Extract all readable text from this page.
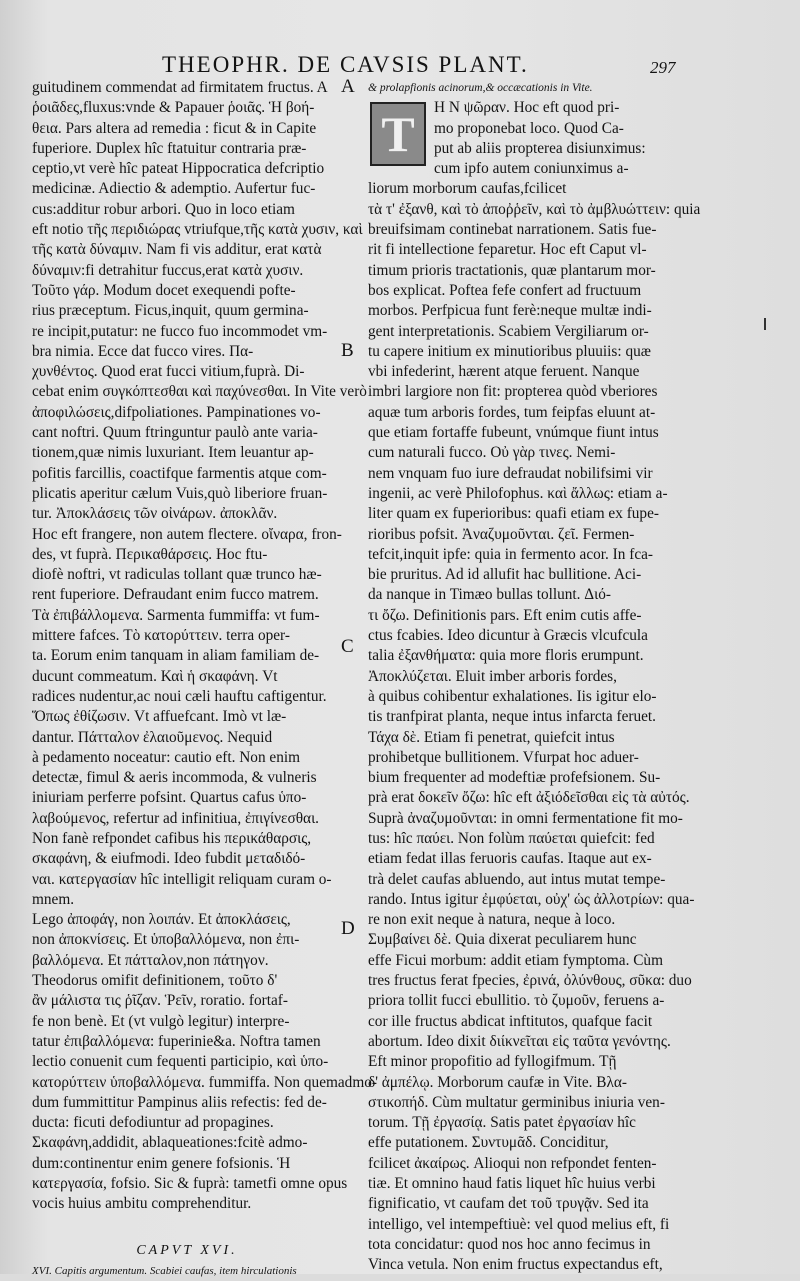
THEOPHR. DE CAVSIS PLANT.	297
A
B
C
D
guitudinem commendat ad firmitatem fructus. A
ῥοιᾶδες,fluxus:vnde & Papauer ῥοιᾶς. Ἡ βοή-
θεια. Pars altera ad remedia : ficut & in Capite
fuperiore. Duplex hîc ftatuitur contraria præ-
ceptio,vt verè hîc pateat Hippocratica defcriptio
medicinæ. Adiectio & ademptio. Aufertur fuc-
cus:additur robur arbori. Quo in loco etiam
eft notio τῆς περιδιώρας vtriufque,τῆς κατὰ χυσιν, καὶ
τῆς κατὰ δύναμιν. Nam fi vis additur, erat κατὰ
δύναμιν:fi detrahitur fuccus,erat κατὰ χυσιν.
Τοῦτο γάρ. Modum docet exequendi pofte-
rius præceptum. Ficus,inquit, quum germina-
re incipit,putatur: ne fucco fuo incommodet vm-
bra nimia. Ecce dat fucco vires. Πα-
χυνθέντος. Quod erat fucci vitium,fuprà. Di-
cebat enim συγκόπτεσθαι καὶ παχύνεσθαι. In Vite verò
ἀποφιλώσεις,difpoliationes. Pampinationes vo-
cant noftri. Quum ftringuntur paulò ante varia-
tionem,quæ nimis luxuriant. Item leuantur ap-
pofitis farcillis, coactifque farmentis atque com-
plicatis aperitur cælum Vuis,quò liberiore fruan-
tur. Ἀποκλάσεις τῶν οἰνάρων. ἀποκλᾶν.
Hoc eft frangere, non autem flectere. οἴναρα, fron-
des, vt fuprà. Περικαθάρσεις. Hoc ftu-
diofè noftri, vt radiculas tollant quæ trunco hæ-
rent fuperiore. Defraudant enim fucco matrem.
Τὰ ἐπιβάλλομενα. Sarmenta fummiffa: vt fum-
mittere fafces. Τὸ κατορύττειν. terra oper-
ta. Eorum enim tanquam in aliam familiam de-
ducunt commeatum. Καὶ ἡ σκαφάνη. Vt
radices nudentur,ac noui cæli hauftu caftigentur.
Ὅπως ἐθίζωσιν. Vt affuefcant. Imò vt læ-
dantur. Πάτταλον ἐλαιοῦμενος. Nequid
à pedamento noceatur: cautio eft. Non enim
detectæ, fimul & aeris incommoda, & vulneris
iniuriam perferre pofsint. Quartus cafus ὑπο-
λαβούμενος, refertur ad infinitiua, ἐπιγίνεσθαι.
Non fanè refpondet cafibus his περικάθαρσις,
σκαφάνη, & eiufmodi. Ideo fubdit μεταδιδό-
ναι. κατεργασίαν hîc intelligit reliquam curam o-
mnem.
Lego ἀποφάγ, non λοιπάν. Et ἀποκλάσεις,
non ἀποκνίσεις. Et ὑποβαλλόμενα, non ἐπι-
βαλλόμενα. Et πάτταλον,non πάτηγον.
Theodorus omifit definitionem, τοῦτο δ'
ἂν μάλιστα τις ῥῖζαν. Ῥεῖν, roratio. fortaf-
fe non benè. Et (vt vulgò legitur) interpre-
tatur ἐπιβαλλόμενα: fuperinie&a. Noftra tamen
lectio conuenit cum fequenti participio, καὶ ὑπο-
κατορύττειν ὑποβαλλόμενα. fummiffa. Non quemadmo-
dum fummittitur Pampinus aliis refectis: fed de-
ducta: ficuti defodiuntur ad propagines.
Σκαφάνη,addidit, ablaqueationes:fcitè admo-
dum:continentur enim genere fofsionis. Ἡ
κατεργασία, fofsio. Sic & fuprà: tametfi omne opus
vocis huius ambitu comprehenditur.
CAPVT XVI.
XVI. Capitis argumentum. Scabiei caufas, item hirculationis
& prolapfionis acinorum,& occæcationis in Vite.
T	Η Ν ψῶραν. Hoc eft quod pri-
mo proponebat loco. Quod Ca-
put ab aliis propterea disiunximus:
cum ipfo autem coniunximus a-
liorum morborum caufas,fcilicet
τὰ τ' ἐξανθ, καὶ τὸ ἀποῤῥεῖν, καὶ τὸ ἀμβλυώττειν: quia
breuifsimam continebat narrationem. Satis fue-
rit fi intellectione feparetur. Hoc eft Caput vl-
timum prioris tractationis, quæ plantarum mor-
bos explicat. Poftea fefe confert ad fructuum
morbos. Perfpicua funt ferè:neque multæ indi-
gent interpretationis. Scabiem Vergiliarum or-
tu capere initium ex minutioribus pluuiis: quæ
vbi infederint, hærent atque feruent. Nanque
imbri largiore non fit: propterea quòd vberiores
aquæ tum arboris fordes, tum feipfas eluunt at-
que etiam fortaffe fubeunt, vnúmque fiunt intus
cum naturali fucco. Οὐ γὰρ τινες. Nemi-
nem vnquam fuo iure defraudat nobilifsimi vir
ingenii, ac verè Philofophus. καὶ ἄλλως: etiam a-
liter quam ex fuperioribus: quafi etiam ex fupe-
rioribus pofsit. Ἀναζυμοῦνται. ζεῖ. Fermen-
tefcit,inquit ipfe: quia in fermento acor. In fca-
bie pruritus. Ad id allufit hac bullitione. Aci-
da nanque in Timæo bullas tollunt. Διό-
τι ὄζω. Definitionis pars. Eft enim cutis affe-
ctus fcabies. Ideo dicuntur à Græcis vlcufcula
talia ἐξανθήματα: quia more floris erumpunt.
Ἀποκλύζεται. Eluit imber arboris fordes,
à quibus cohibentur exhalationes. Iis igitur elo-
tis tranfpirat planta, neque intus infarcta feruet.
Τάχα δὲ. Etiam fi penetrat, quiefcit intus
prohibetque bullitionem. Vfurpat hoc aduer-
bium frequenter ad modeftiæ profefsionem. Su-
prà erat δοκεῖν ὄζω: hîc eft ἀξιόδεῖσθαι εἰς τὰ αὐτός.
Suprà ἀναζυμοῦνται: in omni fermentatione fit mo-
tus: hîc παύει. Non folùm παύεται quiefcit: fed
etiam fedat illas feruoris caufas. Itaque aut ex-
trà delet caufas abluendo, aut intus mutat tempe-
rando. Intus igitur ἐμφύεται, οὐχ' ὡς ἀλλοτρίων: qua-
re non exit neque à natura, neque à loco.
Συμβαίνει δὲ. Quia dixerat peculiarem hunc
effe Ficui morbum: addit etiam fymptoma. Cùm
tres fructus ferat fpecies, ἐρινά, ὀλύνθους, σῦκα: duo
priora tollit fucci ebullitio. τὸ ζυμοῦν, feruens a-
cor ille fructus abdicat inftitutos, quafque facit
abortum. Ideo dixit διίκνεῖται εἰς ταῦτα γενόντης.
Eft minor propofitio ad fyllogifmum. Τῇ
δ' ἀμπέλῳ. Morborum caufæ in Vite. Βλα-
στικοπήδ. Cùm multatur germinibus iniuria ven-
torum. Τῇ ἐργασίᾳ. Satis patet ἐργασίαν hîc
effe putationem. Συντυμᾶδ. Conciditur,
fcilicet ἀκαίρως. Alioqui non refpondet fenten-
tiæ. Et omnino haud fatis liquet hîc huius verbi
fignificatio, vt caufam det τοῦ τρυγᾷν. Sed ita
intelligo, vel intempeftiuè: vel quod melius eft, fi
tota concidatur: quod nos hoc anno fecimus in
Vinca vetula. Non enim fructus expectandus eft,
